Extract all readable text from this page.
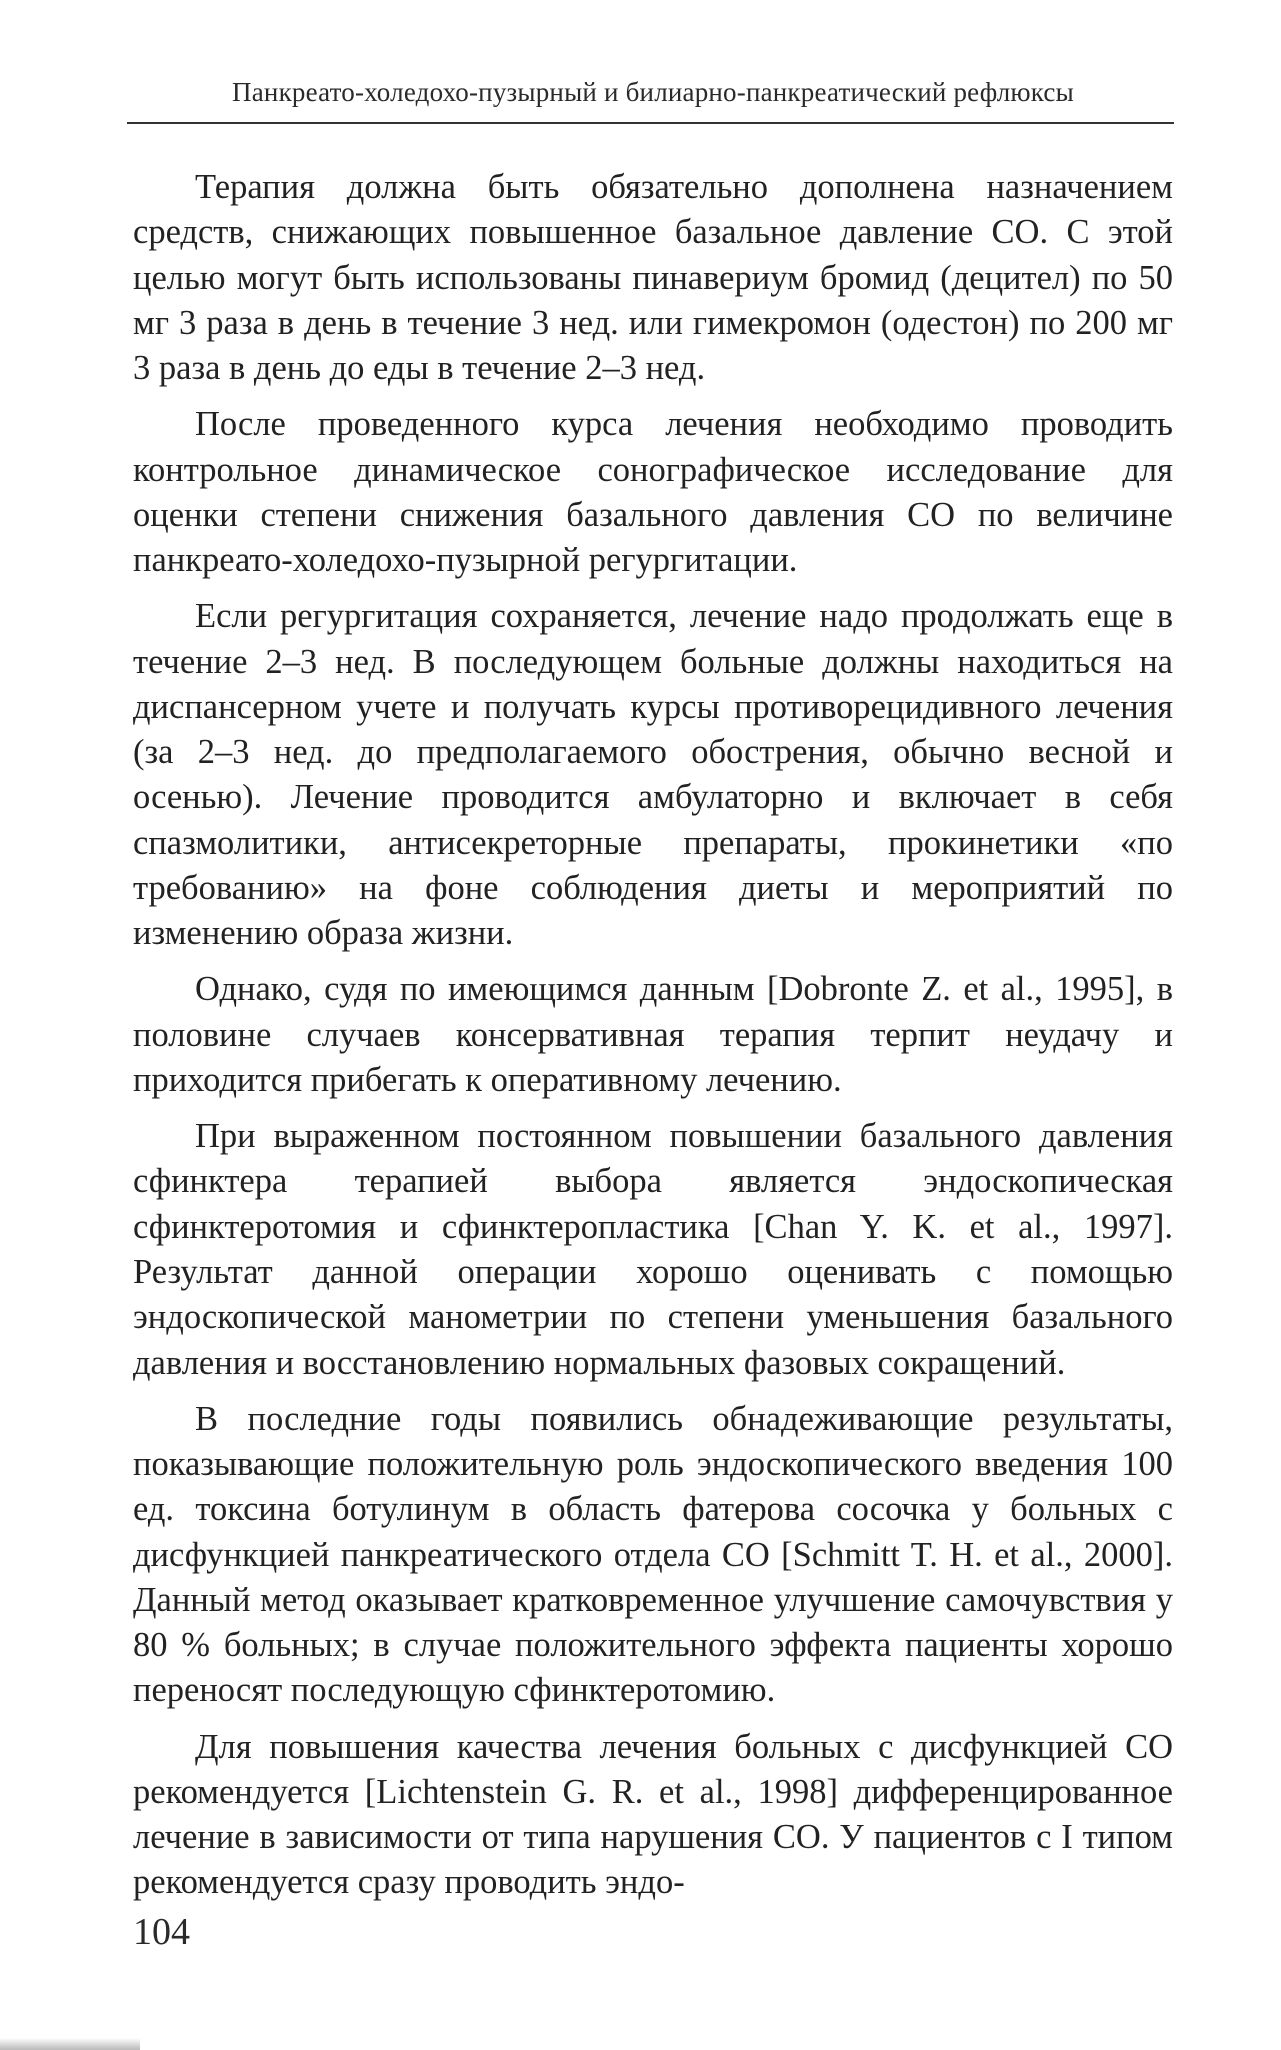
Панкреато-холедохо-пузырный и билиарно-панкреатический рефлюксы

Терапия должна быть обязательно дополнена назначением средств, снижающих повышенное базальное давление СО. С этой целью могут быть использованы пинавериум бромид (децител) по 50 мг 3 раза в день в течение 3 нед. или гимекромон (одестон) по 200 мг 3 раза в день до еды в течение 2–3 нед.

После проведенного курса лечения необходимо проводить контрольное динамическое сонографическое исследование для оценки степени снижения базального давления СО по величине панкреато-холедохо-пузырной регургитации.

Если регургитация сохраняется, лечение надо продолжать еще в течение 2–3 нед. В последующем больные должны находиться на диспансерном учете и получать курсы противорецидивного лечения (за 2–3 нед. до предполагаемого обострения, обычно весной и осенью). Лечение проводится амбулаторно и включает в себя спазмолитики, антисекреторные препараты, прокинетики «по требованию» на фоне соблюдения диеты и мероприятий по изменению образа жизни.

Однако, судя по имеющимся данным [Dobronte Z. et al., 1995], в половине случаев консервативная терапия терпит неудачу и приходится прибегать к оперативному лечению.

При выраженном постоянном повышении базального давления сфинктера терапией выбора является эндоскопическая сфинктеротомия и сфинктеропластика [Chan Y. K. et al., 1997]. Результат данной операции хорошо оценивать с помощью эндоскопической манометрии по степени уменьшения базального давления и восстановлению нормальных фазовых сокращений.

В последние годы появились обнадеживающие результаты, показывающие положительную роль эндоскопического введения 100 ед. токсина ботулинум в область фатерова сосочка у больных с дисфункцией панкреатического отдела СО [Schmitt T. H. et al., 2000]. Данный метод оказывает кратковременное улучшение самочувствия у 80 % больных; в случае положительного эффекта пациенты хорошо переносят последующую сфинктеротомию.

Для повышения качества лечения больных с дисфункцией СО рекомендуется [Lichtenstein G. R. et al., 1998] дифференцированное лечение в зависимости от типа нарушения СО. У пациентов с I типом рекомендуется сразу проводить эндо-

104
